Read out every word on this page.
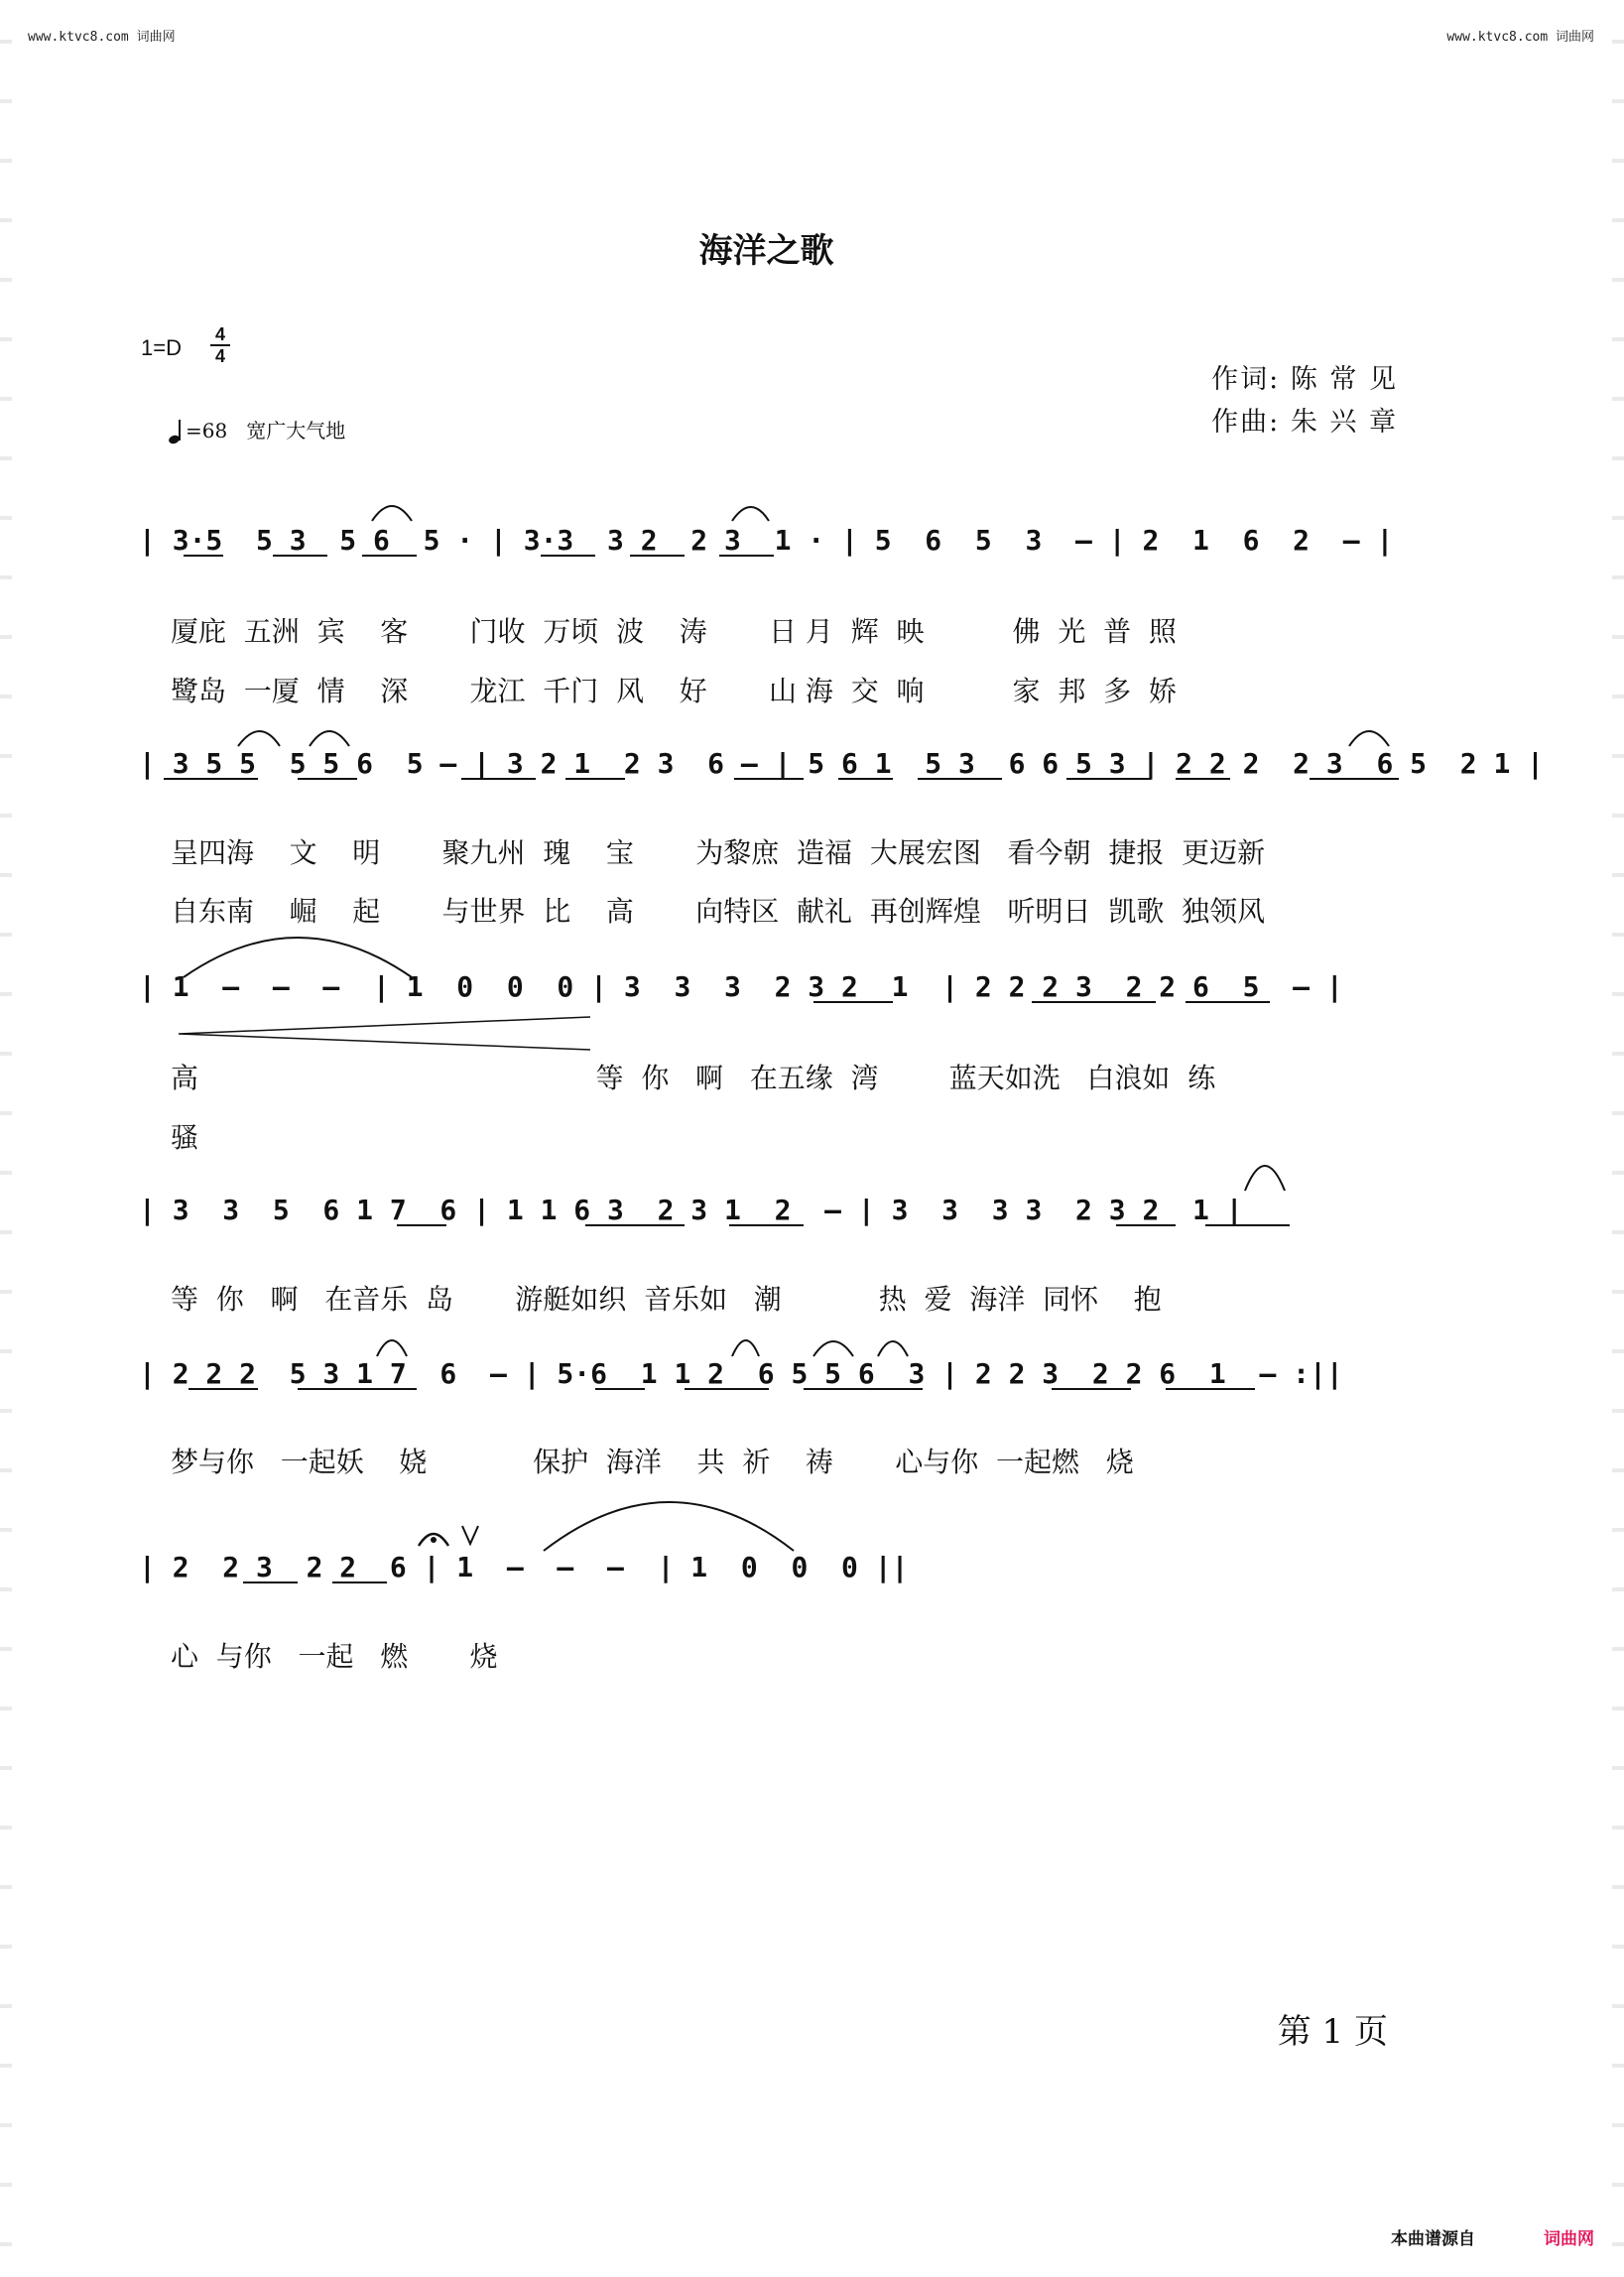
www.ktvc8.com 词曲网	www.ktvc8.com 词曲网
海洋之歌
1=D
4
4
=68 宽广大气地
作词: 陈 常 见
作曲: 朱 兴 章
| 3·5  5 3  5 6  5 · | 3·3  3 2  2 3  1 · | 5  6  5  3  — | 2  1  6  2  — |
厦庇  五洲  宾    客       门收  万顷  波    涛       日 月  辉  映          佛  光  普  照
鹭岛  一厦  情    深       龙江  千门  风    好       山 海  交  响          家  邦  多  娇
| 3 5 5  5 5 6  5 — | 3 2 1  2 3  6 — | 5 6 1  5 3  6 6 5 3 | 2 2 2  2 3  6 5  2 1 |
呈四海    文    明       聚九州  瑰    宝       为黎庶  造福  大展宏图   看今朝  捷报  更迈新
自东南    崛    起       与世界  比    高       向特区  献礼  再创辉煌   听明日  凯歌  独领风
| 1  —  —  —  | 1  0  0  0 | 3  3  3  2 3 2  1  | 2 2 2 3  2 2 6  5  — |
高                                             等  你   啊   在五缘  湾        蓝天如洗   白浪如  练
骚
| 3  3  5  6 1 7  6 | 1 1 6 3  2 3 1  2  — | 3  3  3 3  2 3 2  1 |
等  你   啊   在音乐  岛       游艇如织  音乐如   潮           热  爱  海洋  同怀    抱
| 2 2 2  5 3 1 7  6  — | 5·6  1 1 2  6 5 5 6  3 | 2 2 3  2 2 6  1  — :||
梦与你   一起妖    娆            保护  海洋    共  祈    祷       心与你  一起燃   烧
| 2  2 3  2 2  6 | 1  —  —  —  | 1  0  0  0 ||
心  与你   一起   燃       烧
第 1 页
本曲谱源自	词曲网
